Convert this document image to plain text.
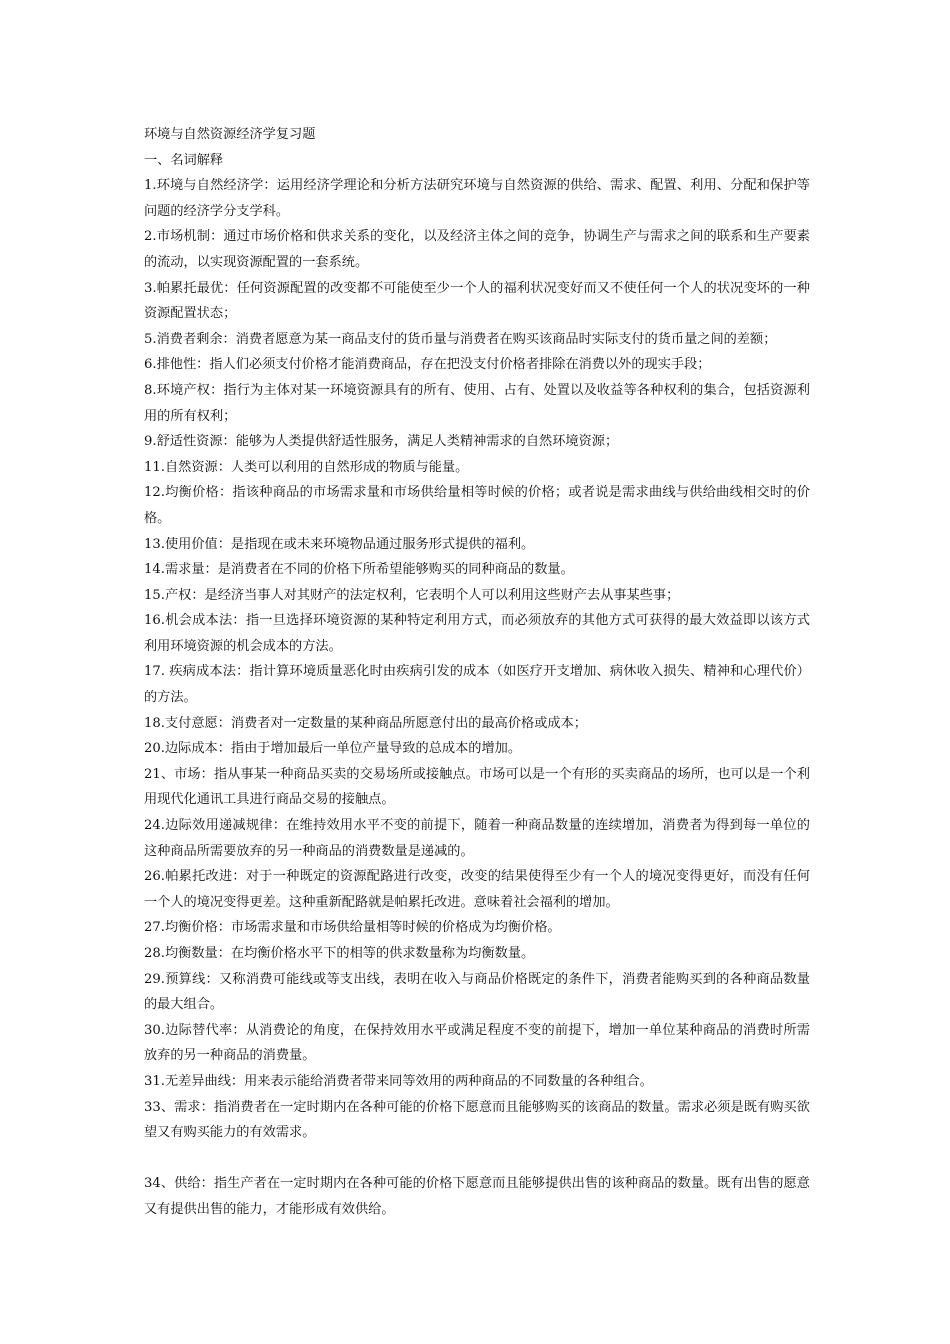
环境与自然资源经济学复习题

一、名词解释

1.环境与自然经济学：运用经济学理论和分析方法研究环境与自然资源的供给、需求、配置、利用、分配和保护等问题的经济学分支学科。

2.市场机制：通过市场价格和供求关系的变化，以及经济主体之间的竞争，协调生产与需求之间的联系和生产要素的流动，以实现资源配置的一套系统。

3.帕累托最优：任何资源配置的改变都不可能使至少一个人的福利状况变好而又不使任何一个人的状况变坏的一种资源配置状态；

5.消费者剩余：消费者愿意为某一商品支付的货币量与消费者在购买该商品时实际支付的货币量之间的差额；

6.排他性：指人们必须支付价格才能消费商品，存在把没支付价格者排除在消费以外的现实手段；

8.环境产权：指行为主体对某一环境资源具有的所有、使用、占有、处置以及收益等各种权利的集合，包括资源利用的所有权利；

9.舒适性资源：能够为人类提供舒适性服务，满足人类精神需求的自然环境资源；

11.自然资源：人类可以利用的自然形成的物质与能量。

12.均衡价格：指该种商品的市场需求量和市场供给量相等时候的价格；或者说是需求曲线与供给曲线相交时的价格。

13.使用价值：是指现在或未来环境物品通过服务形式提供的福利。

14.需求量：是消费者在不同的价格下所希望能够购买的同种商品的数量。

15.产权：是经济当事人对其财产的法定权利，它表明个人可以利用这些财产去从事某些事；

16.机会成本法：指一旦选择环境资源的某种特定利用方式，而必须放弃的其他方式可获得的最大效益即以该方式利用环境资源的机会成本的方法。

17. 疾病成本法：指计算环境质量恶化时由疾病引发的成本（如医疗开支增加、病休收入损失、精神和心理代价）的方法。

18.支付意愿：消费者对一定数量的某种商品所愿意付出的最高价格或成本；

20.边际成本：指由于增加最后一单位产量导致的总成本的增加。

21、市场：指从事某一种商品买卖的交易场所或接触点。市场可以是一个有形的买卖商品的场所，也可以是一个利用现代化通讯工具进行商品交易的接触点。

24.边际效用递减规律：在维持效用水平不变的前提下，随着一种商品数量的连续增加，消费者为得到每一单位的这种商品所需要放弃的另一种商品的消费数量是递减的。

26.帕累托改进：对于一种既定的资源配路进行改变，改变的结果使得至少有一个人的境况变得更好，而没有任何一个人的境况变得更差。这种重新配路就是帕累托改进。意味着社会福利的增加。

27.均衡价格：市场需求量和市场供给量相等时候的价格成为均衡价格。

28.均衡数量：在均衡价格水平下的相等的供求数量称为均衡数量。

29.预算线：又称消费可能线或等支出线，表明在收入与商品价格既定的条件下，消费者能购买到的各种商品数量的最大组合。

30.边际替代率：从消费论的角度，在保持效用水平或满足程度不变的前提下，增加一单位某种商品的消费时所需放弃的另一种商品的消费量。

31.无差异曲线：用来表示能给消费者带来同等效用的两种商品的不同数量的各种组合。

33、需求：指消费者在一定时期内在各种可能的价格下愿意而且能够购买的该商品的数量。需求必须是既有购买欲望又有购买能力的有效需求。

34、供给：指生产者在一定时期内在各种可能的价格下愿意而且能够提供出售的该种商品的数量。既有出售的愿意又有提供出售的能力，才能形成有效供给。
